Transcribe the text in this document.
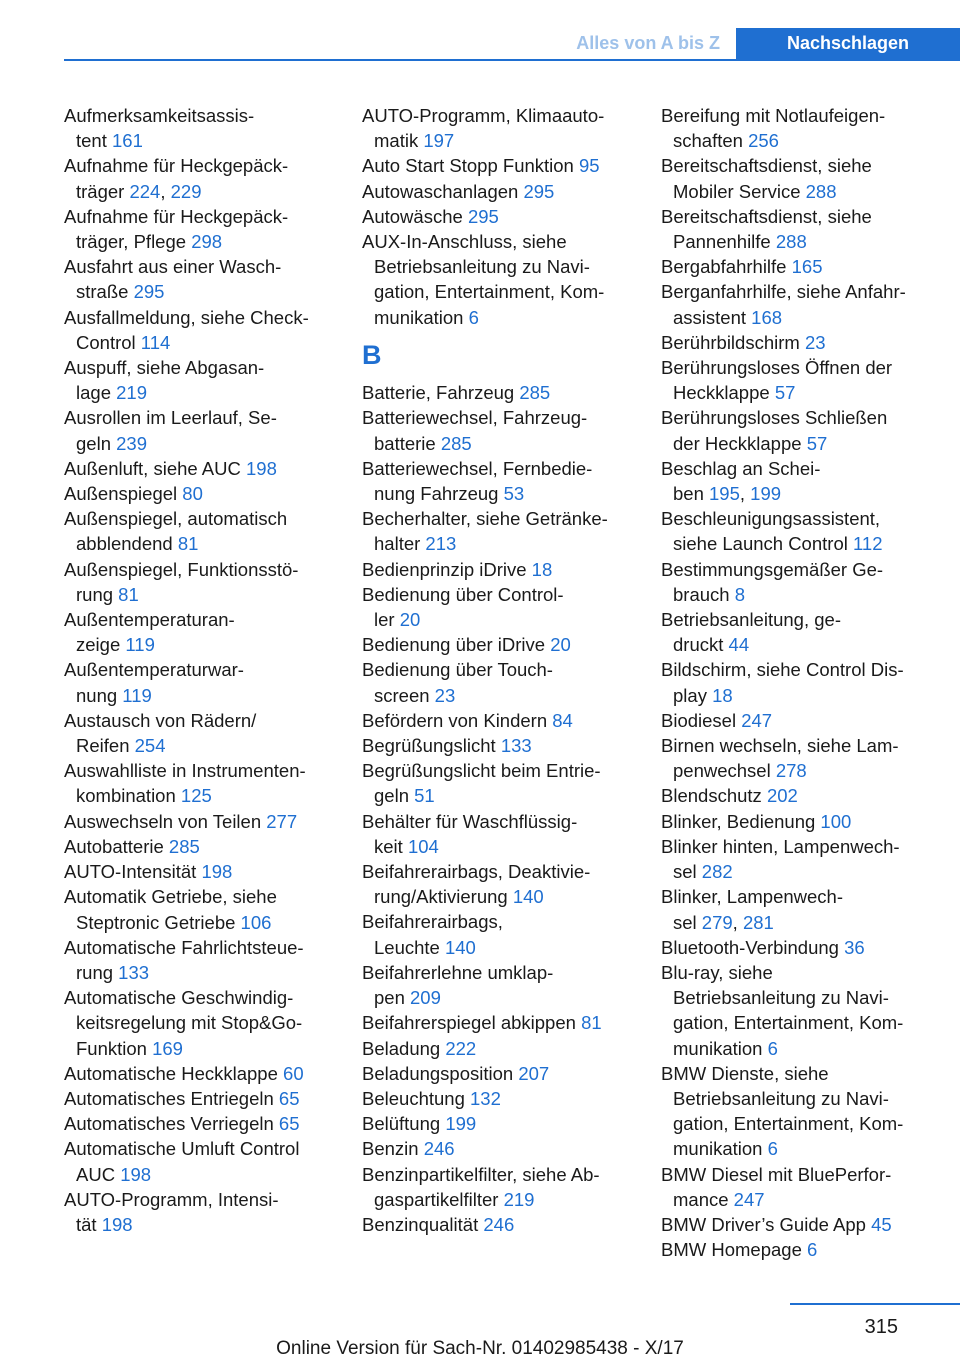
Alles von A bis Z	Nachschlagen
Aufmerksamkeitsassis-
tent 161
Aufnahme für Heckgepäck-
träger 224, 229
Aufnahme für Heckgepäck-
träger, Pflege 298
Ausfahrt aus einer Wasch-
straße 295
Ausfallmeldung, siehe Check-
Control 114
Auspuff, siehe Abgasan-
lage 219
Ausrollen im Leerlauf, Se-
geln 239
Außenluft, siehe AUC 198
Außenspiegel 80
Außenspiegel, automatisch
abblendend 81
Außenspiegel, Funktionsstö-
rung 81
Außentemperaturan-
zeige 119
Außentemperaturwar-
nung 119
Austausch von Rädern/
Reifen 254
Auswahlliste in Instrumenten-
kombination 125
Auswechseln von Teilen 277
Autobatterie 285
AUTO-Intensität 198
Automatik Getriebe, siehe
Steptronic Getriebe 106
Automatische Fahrlichtsteue-
rung 133
Automatische Geschwindig-
keitsregelung mit Stop&Go-
Funktion 169
Automatische Heckklappe 60
Automatisches Entriegeln 65
Automatisches Verriegeln 65
Automatische Umluft Control
AUC 198
AUTO-Programm, Intensi-
tät 198
AUTO-Programm, Klimaauto-
matik 197
Auto Start Stopp Funktion 95
Autowaschanlagen 295
Autowäsche 295
AUX-In-Anschluss, siehe
Betriebsanleitung zu Navi-
gation, Entertainment, Kom-
munikation 6
B
Batterie, Fahrzeug 285
Batteriewechsel, Fahrzeug-
batterie 285
Batteriewechsel, Fernbedie-
nung Fahrzeug 53
Becherhalter, siehe Getränke-
halter 213
Bedienprinzip iDrive 18
Bedienung über Control-
ler 20
Bedienung über iDrive 20
Bedienung über Touch-
screen 23
Befördern von Kindern 84
Begrüßungslicht 133
Begrüßungslicht beim Entrie-
geln 51
Behälter für Waschflüssig-
keit 104
Beifahrerairbags, Deaktivie-
rung/Aktivierung 140
Beifahrerairbags,
Leuchte 140
Beifahrerlehne umklap-
pen 209
Beifahrerspiegel abkippen 81
Beladung 222
Beladungsposition 207
Beleuchtung 132
Belüftung 199
Benzin 246
Benzinpartikelfilter, siehe Ab-
gaspartikelfilter 219
Benzinqualität 246
Bereifung mit Notlaufeigen-
schaften 256
Bereitschaftsdienst, siehe
Mobiler Service 288
Bereitschaftsdienst, siehe
Pannenhilfe 288
Bergabfahrhilfe 165
Berganfahrhilfe, siehe Anfahr-
assistent 168
Berührbildschirm 23
Berührungsloses Öffnen der
Heckklappe 57
Berührungsloses Schließen
der Heckklappe 57
Beschlag an Schei-
ben 195, 199
Beschleunigungsassistent,
siehe Launch Control 112
Bestimmungsgemäßer Ge-
brauch 8
Betriebsanleitung, ge-
druckt 44
Bildschirm, siehe Control Dis-
play 18
Biodiesel 247
Birnen wechseln, siehe Lam-
penwechsel 278
Blendschutz 202
Blinker, Bedienung 100
Blinker hinten, Lampenwech-
sel 282
Blinker, Lampenwech-
sel 279, 281
Bluetooth-Verbindung 36
Blu-ray, siehe
Betriebsanleitung zu Navi-
gation, Entertainment, Kom-
munikation 6
BMW Dienste, siehe
Betriebsanleitung zu Navi-
gation, Entertainment, Kom-
munikation 6
BMW Diesel mit BluePerfor-
mance 247
BMW Driver’s Guide App 45
BMW Homepage 6
315
Online Version für Sach-Nr. 01402985438 - X/17
